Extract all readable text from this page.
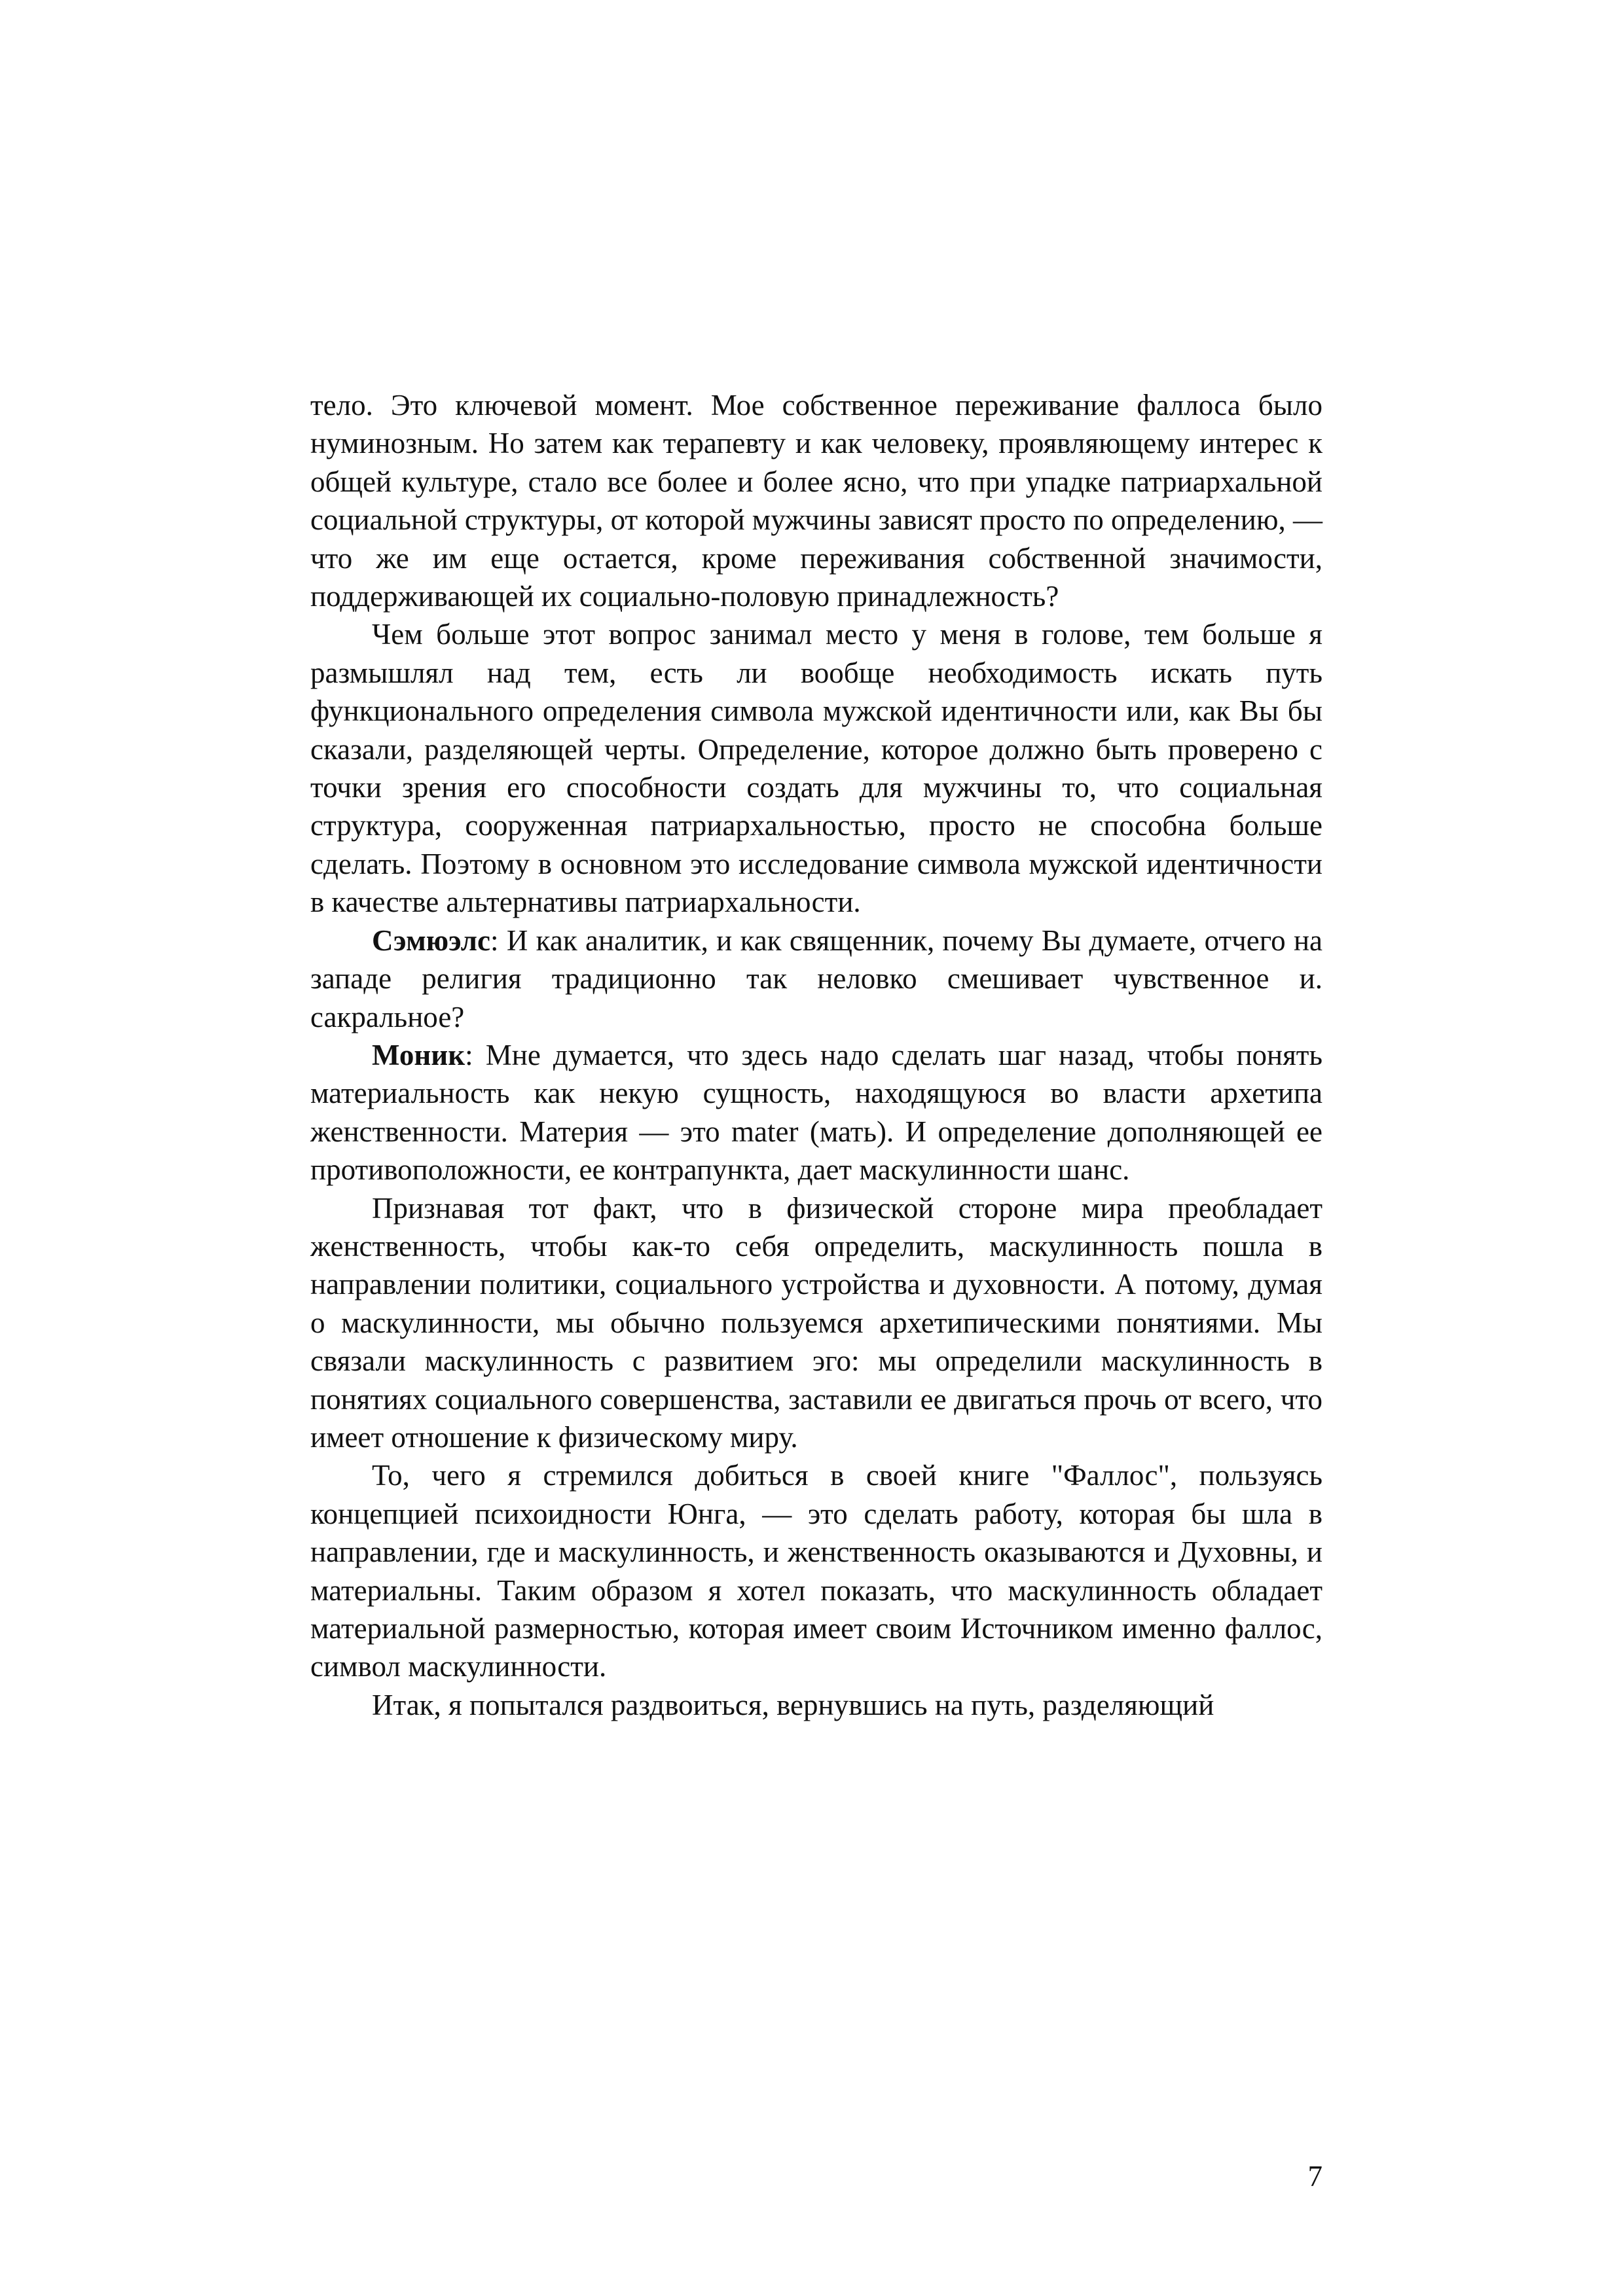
тело. Это ключевой момент. Мое собственное переживание фаллоса было нуминозным. Но затем как терапевту и как человеку, проявляющему интерес к общей культуре, стало все более и более ясно, что при упадке патриархальной социальной структуры, от которой мужчины зависят просто по определению, — что же им еще остается, кроме переживания собственной значимости, поддерживающей их социально-половую принадлежность?

Чем больше этот вопрос занимал место у меня в голове, тем больше я размышлял над тем, есть ли вообще необходимость искать путь функционального определения символа мужской идентичности или, как Вы бы сказали, разделяющей черты. Определение, которое должно быть проверено с точки зрения его способности создать для мужчины то, что социальная структура, сооруженная патриархальностью, просто не способна больше сделать. Поэтому в основном это исследование символа мужской идентичности в качестве альтернативы патриархальности.

Сэмюэлс: И как аналитик, и как священник, почему Вы думаете, отчего на западе религия традиционно так неловко смешивает чувственное и. сакральное?

Моник: Мне думается, что здесь надо сделать шаг назад, чтобы понять материальность как некую сущность, находящуюся во власти архетипа женственности. Материя — это mater (мать). И определение дополняющей ее противоположности, ее контрапункта, дает маскулинности шанс.

Признавая тот факт, что в физической стороне мира преобладает женственность, чтобы как-то себя определить, маскулинность пошла в направлении политики, социального устройства и духовности. А потому, думая о маскулинности, мы обычно пользуемся архетипическими понятиями. Мы связали маскулинность с развитием эго: мы определили маскулинность в понятиях социального совершенства, заставили ее двигаться прочь от всего, что имеет отношение к физическому миру.

То, чего я стремился добиться в своей книге "Фаллос", пользуясь концепцией психоидности Юнга, — это сделать работу, которая бы шла в направлении, где и маскулинность, и женственность оказываются и Духовны, и материальны. Таким образом я хотел показать, что маскулинность обладает материальной размерностью, которая имеет своим Источником именно фаллос, символ маскулинности.

Итак, я попытался раздвоиться, вернувшись на путь, разделяющий

7
